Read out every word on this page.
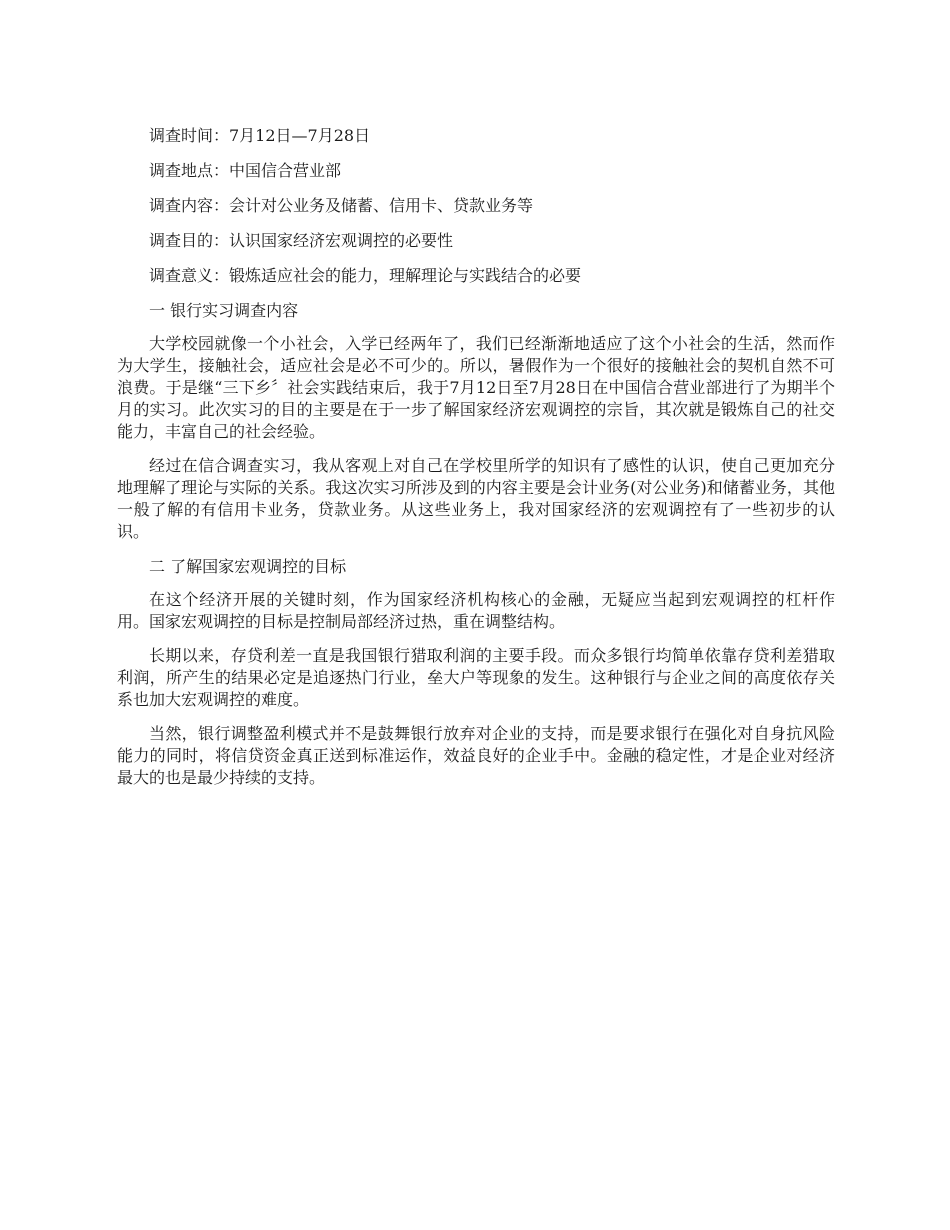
调查时间：7月12日—7月28日
调查地点：中国信合营业部
调查内容：会计对公业务及储蓄、信用卡、贷款业务等
调查目的：认识国家经济宏观调控的必要性
调查意义：锻炼适应社会的能力，理解理论与实践结合的必要
一 银行实习调查内容

大学校园就像一个小社会，入学已经两年了，我们已经渐渐地适应了这个小社会的生活，然而作为大学生，接触社会，适应社会是必不可少的。所以，暑假作为一个很好的接触社会的契机自然不可浪费。于是继“三下乡〞社会实践结束后，我于7月12日至7月28日在中国信合营业部进行了为期半个月的实习。此次实习的目的主要是在于一步了解国家经济宏观调控的宗旨，其次就是锻炼自己的社交能力，丰富自己的社会经验。

经过在信合调查实习，我从客观上对自己在学校里所学的知识有了感性的认识，使自己更加充分地理解了理论与实际的关系。我这次实习所涉及到的内容主要是会计业务(对公业务)和储蓄业务，其他一般了解的有信用卡业务，贷款业务。从这些业务上，我对国家经济的宏观调控有了一些初步的认识。

二 了解国家宏观调控的目标

在这个经济开展的关键时刻，作为国家经济机构核心的金融，无疑应当起到宏观调控的杠杆作用。国家宏观调控的目标是控制局部经济过热，重在调整结构。

长期以来，存贷利差一直是我国银行猎取利润的主要手段。而众多银行均简单依靠存贷利差猎取利润，所产生的结果必定是追逐热门行业，垒大户等现象的发生。这种银行与企业之间的高度依存关系也加大宏观调控的难度。

当然，银行调整盈利模式并不是鼓舞银行放弃对企业的支持，而是要求银行在强化对自身抗风险能力的同时，将信贷资金真正送到标准运作，效益良好的企业手中。金融的稳定性，才是企业对经济最大的也是最少持续的支持。
